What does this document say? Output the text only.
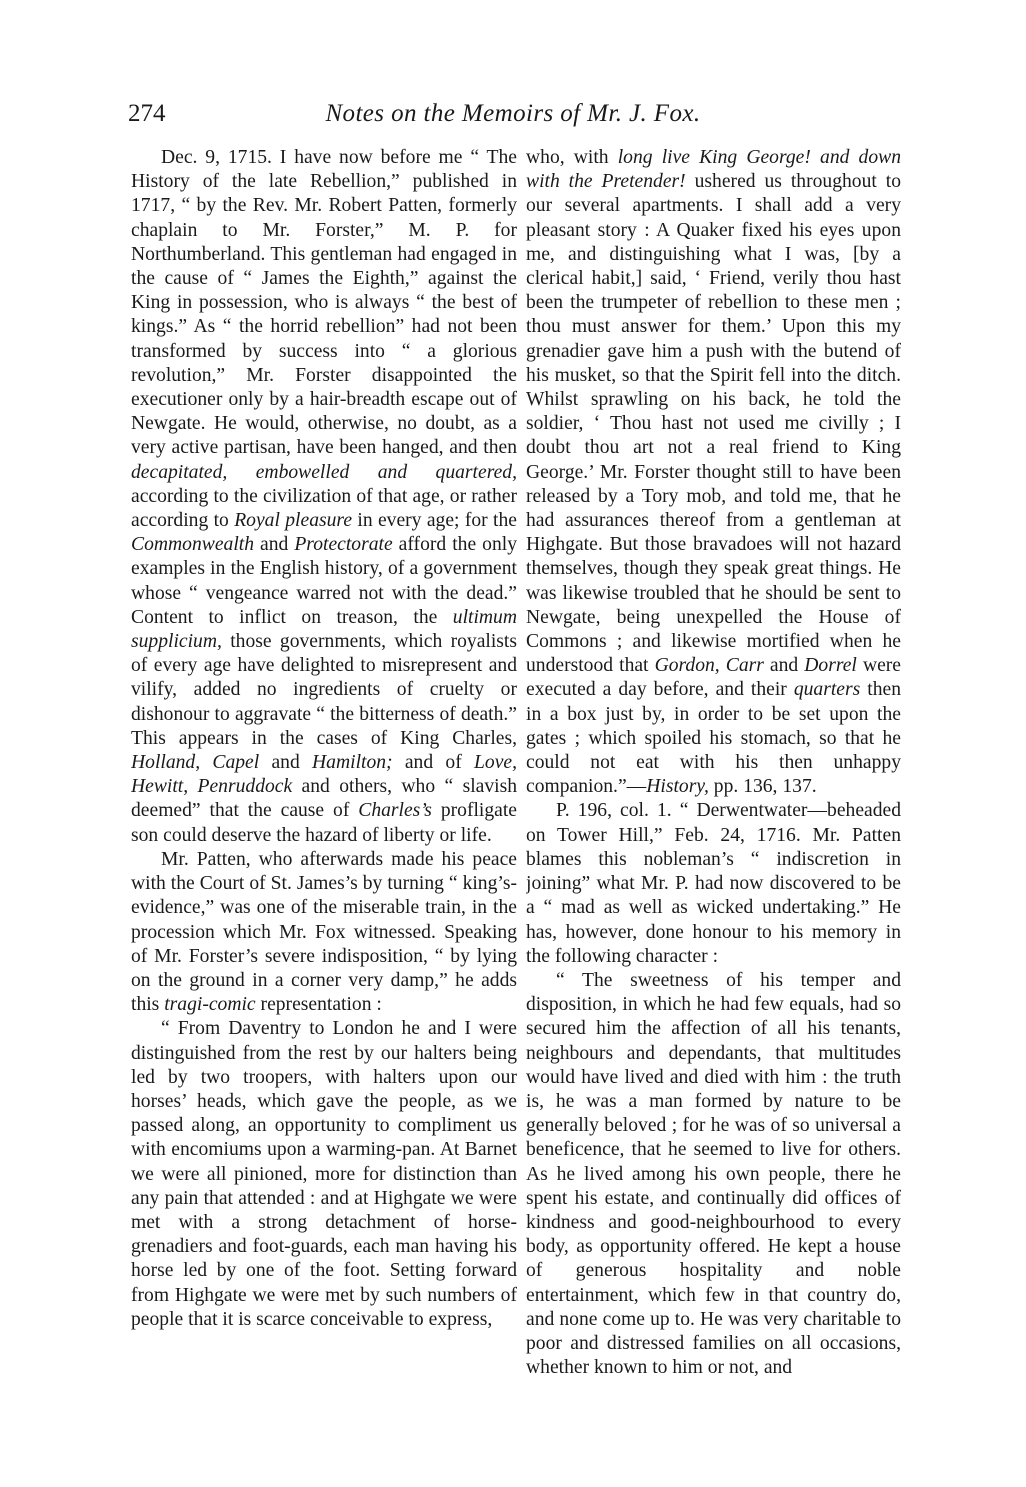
274	Notes on the Memoirs of Mr. J. Fox.

Dec. 9, 1715. I have now before me “ The History of the late Rebellion,” published in 1717, “ by the Rev. Mr. Robert Patten, formerly chaplain to Mr. Forster,” M. P. for Northumberland. This gentleman had engaged in the cause of “ James the Eighth,” against the King in possession, who is always “ the best of kings.” As “ the horrid rebellion” had not been transformed by success into “ a glorious revolution,” Mr. Forster disappointed the executioner only by a hair-breadth escape out of Newgate. He would, otherwise, no doubt, as a very active partisan, have been hanged, and then decapitated, embowelled and quartered, according to the civilization of that age, or rather according to Royal pleasure in every age; for the Commonwealth and Protectorate afford the only examples in the English history, of a government whose “ vengeance warred not with the dead.” Content to inflict on treason, the ultimum supplicium, those governments, which royalists of every age have delighted to misrepresent and vilify, added no ingredients of cruelty or dishonour to aggravate “ the bitterness of death.” This appears in the cases of King Charles, Holland, Capel and Hamilton; and of Love, Hewitt, Penruddock and others, who “ slavish deemed” that the cause of Charles’s profligate son could deserve the hazard of liberty or life.

Mr. Patten, who afterwards made his peace with the Court of St. James’s by turning “ king’s-evidence,” was one of the miserable train, in the procession which Mr. Fox witnessed. Speaking of Mr. Forster’s severe indisposition, “ by lying on the ground in a corner very damp,” he adds this tragi-comic representation :

“ From Daventry to London he and I were distinguished from the rest by our halters being led by two troopers, with halters upon our horses’ heads, which gave the people, as we passed along, an opportunity to compliment us with encomiums upon a warming-pan. At Barnet we were all pinioned, more for distinction than any pain that attended : and at Highgate we were met with a strong detachment of horse-grenadiers and foot-guards, each man having his horse led by one of the foot. Setting forward from Highgate we were met by such numbers of people that it is scarce conceivable to express,

who, with long live King George! and down with the Pretender! ushered us throughout to our several apartments. I shall add a very pleasant story : A Quaker fixed his eyes upon me, and distinguishing what I was, [by a clerical habit,] said, ‘ Friend, verily thou hast been the trumpeter of rebellion to these men ; thou must answer for them.’ Upon this my grenadier gave him a push with the butend of his musket, so that the Spirit fell into the ditch. Whilst sprawling on his back, he told the soldier, ‘ Thou hast not used me civilly ; I doubt thou art not a real friend to King George.’ Mr. Forster thought still to have been released by a Tory mob, and told me, that he had assurances thereof from a gentleman at Highgate. But those bravadoes will not hazard themselves, though they speak great things. He was likewise troubled that he should be sent to Newgate, being unexpelled the House of Commons ; and likewise mortified when he understood that Gordon, Carr and Dorrel were executed a day before, and their quarters then in a box just by, in order to be set upon the gates ; which spoiled his stomach, so that he could not eat with his then unhappy companion.”—History, pp. 136, 137.

P. 196, col. 1. “ Derwentwater—beheaded on Tower Hill,” Feb. 24, 1716. Mr. Patten blames this nobleman’s “ indiscretion in joining” what Mr. P. had now discovered to be a “ mad as well as wicked undertaking.” He has, however, done honour to his memory in the following character :

“ The sweetness of his temper and disposition, in which he had few equals, had so secured him the affection of all his tenants, neighbours and dependants, that multitudes would have lived and died with him : the truth is, he was a man formed by nature to be generally beloved ; for he was of so universal a beneficence, that he seemed to live for others. As he lived among his own people, there he spent his estate, and continually did offices of kindness and good-neighbourhood to every body, as opportunity offered. He kept a house of generous hospitality and noble entertainment, which few in that country do, and none come up to. He was very charitable to poor and distressed families on all occasions, whether known to him or not, and
